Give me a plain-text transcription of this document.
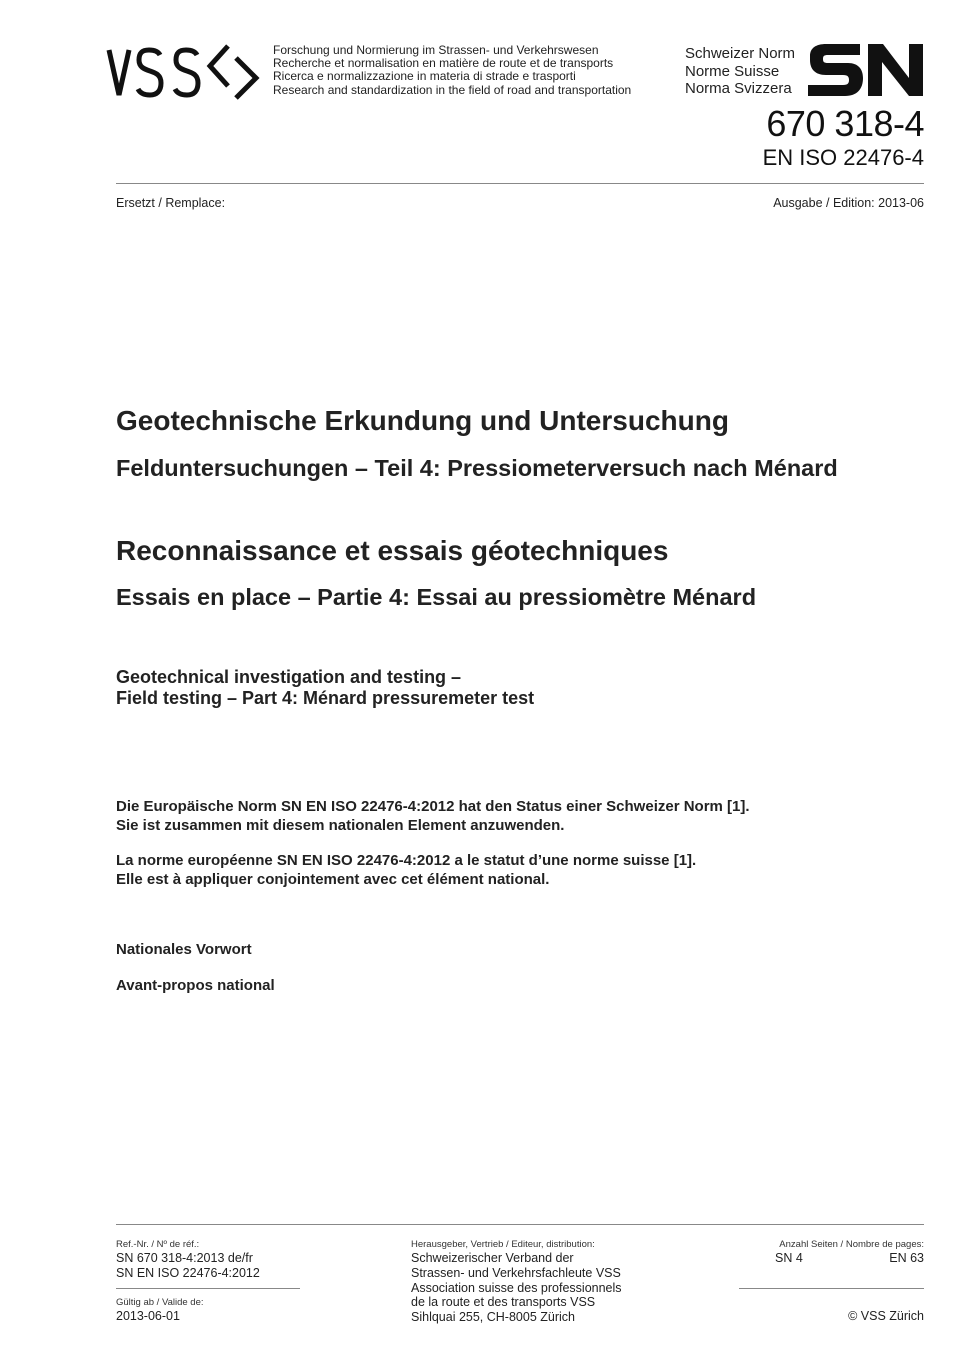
Forschung und Normierung im Strassen- und Verkehrswesen
Recherche et normalisation en matière de route et de transports
Ricerca e normalizzazione in materia di strade e trasporti
Research and standardization in the field of road and transportation
Schweizer Norm
Norme Suisse
Norma Svizzera
670 318-4
EN ISO 22476-4
Ersetzt / Remplace:	Ausgabe / Edition: 2013-06
Geotechnische Erkundung und Untersuchung
Felduntersuchungen – Teil 4: Pressiometerversuch nach Ménard
Reconnaissance et essais géotechniques
Essais en place – Partie 4: Essai au pressiomètre Ménard
Geotechnical investigation and testing –
Field testing – Part 4: Ménard pressuremeter test
Die Europäische Norm SN EN ISO 22476-4:2012 hat den Status einer Schweizer Norm [1].
Sie ist zusammen mit diesem nationalen Element anzuwenden.
La norme européenne SN EN ISO 22476-4:2012 a le statut d’une norme suisse [1].
Elle est à appliquer conjointement avec cet élément national.
Nationales Vorwort
Avant-propos national
Ref.-Nr. / Nº de réf.:
SN 670 318-4:2013 de/fr
SN EN ISO 22476-4:2012
Gültig ab / Valide de:
2013-06-01
Herausgeber, Vertrieb / Editeur, distribution:
Schweizerischer Verband der
Strassen- und Verkehrsfachleute VSS
Association suisse des professionnels
de la route et des transports VSS
Sihlquai 255, CH-8005 Zürich
Anzahl Seiten / Nombre de pages:
SN 4	EN 63
© VSS Zürich
